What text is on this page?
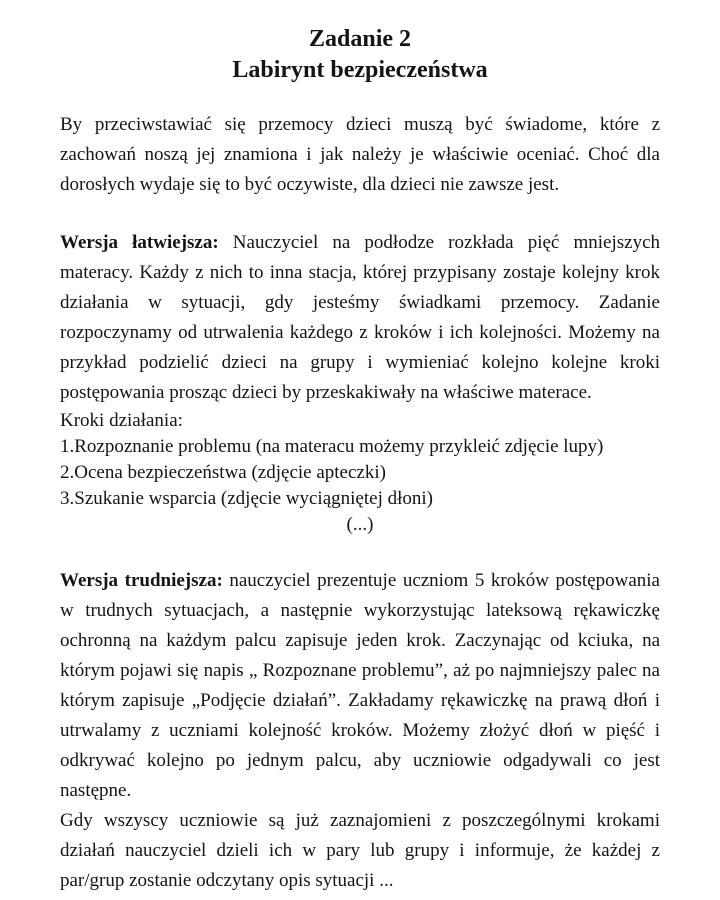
Zadanie 2
Labirynt bezpieczeństwa

By przeciwstawiać się przemocy dzieci muszą być świadome, które z zachowań noszą jej znamiona i jak należy je właściwie oceniać. Choć dla dorosłych wydaje się to być oczywiste, dla dzieci nie zawsze jest.

Wersja łatwiejsza: Nauczyciel na podłodze rozkłada pięć mniejszych materacy. Każdy z nich to inna stacja, której przypisany zostaje kolejny krok działania w sytuacji, gdy jesteśmy świadkami przemocy. Zadanie rozpoczynamy od utrwalenia każdego z kroków i ich kolejności. Możemy na przykład podzielić dzieci na grupy i wymieniać kolejno kolejne kroki postępowania prosząc dzieci by przeskakiwały na właściwe materace.

Kroki działania:

1.Rozpoznanie problemu (na materacu możemy przykleić zdjęcie lupy)

2.Ocena bezpieczeństwa (zdjęcie apteczki)

3.Szukanie wsparcia (zdjęcie wyciągniętej dłoni)

(...)

Wersja trudniejsza: nauczyciel prezentuje uczniom 5 kroków postępowania w trudnych sytuacjach, a następnie wykorzystując lateksową rękawiczkę ochronną na każdym palcu zapisuje jeden krok. Zaczynając od kciuka, na którym pojawi się napis „ Rozpoznane problemu”, aż po najmniejszy palec na którym zapisuje „Podjęcie działań”. Zakładamy rękawiczkę na prawą dłoń i utrwalamy z uczniami kolejność kroków. Możemy złożyć dłoń w pięść i odkrywać kolejno po jednym palcu, aby uczniowie odgadywali co jest następne.

Gdy wszyscy uczniowie są już zaznajomieni z poszczególnymi krokami działań nauczyciel dzieli ich w pary lub grupy i informuje, że każdej z par/grup zostanie odczytany opis sytuacji ...
